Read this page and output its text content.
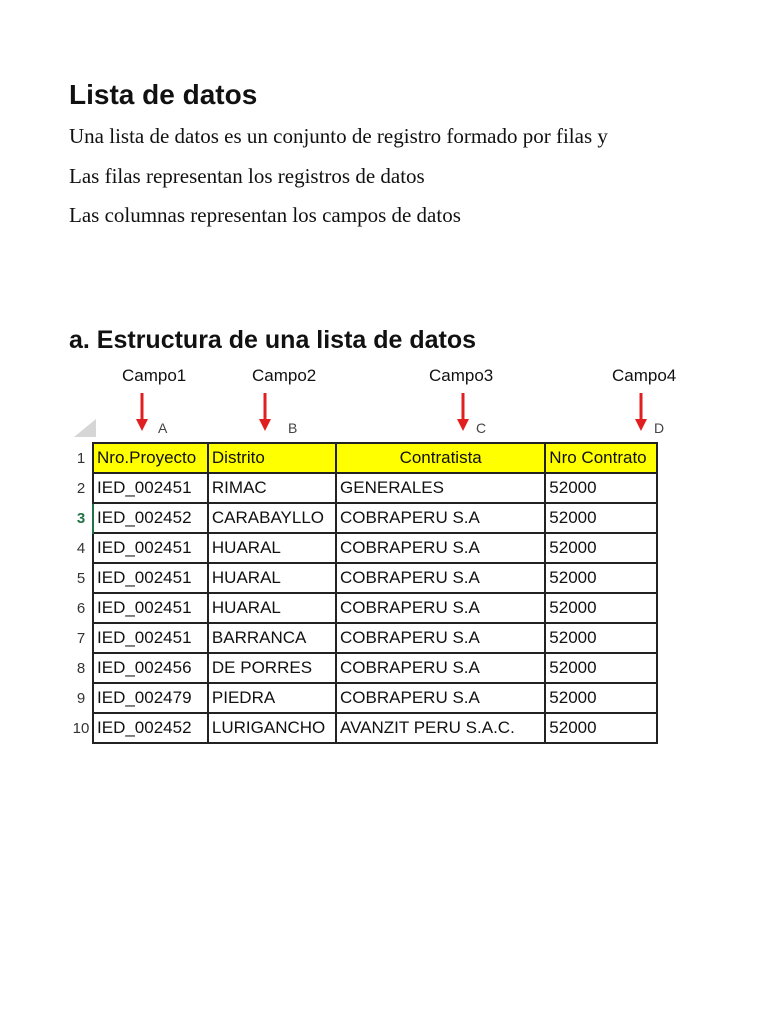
Lista de datos
Una lista de datos es un conjunto de registro formado por filas y
Las filas representan los registros de datos
Las columnas representan los campos de datos
a. Estructura de una lista de datos
Campo1	Campo2	Campo3	Campo4
A	B	C	D
1	Nro.Proyecto	Distrito	Contratista	Nro Contrato
2	IED_002451	RIMAC	GENERALES	52000
3	IED_002452	CARABAYLLO	COBRAPERU S.A	52000
4	IED_002451	HUARAL	COBRAPERU S.A	52000
5	IED_002451	HUARAL	COBRAPERU S.A	52000
6	IED_002451	HUARAL	COBRAPERU S.A	52000
7	IED_002451	BARRANCA	COBRAPERU S.A	52000
8	IED_002456	DE PORRES	COBRAPERU S.A	52000
9	IED_002479	PIEDRA	COBRAPERU S.A	52000
10	IED_002452	LURIGANCHO	AVANZIT PERU S.A.C.	52000
